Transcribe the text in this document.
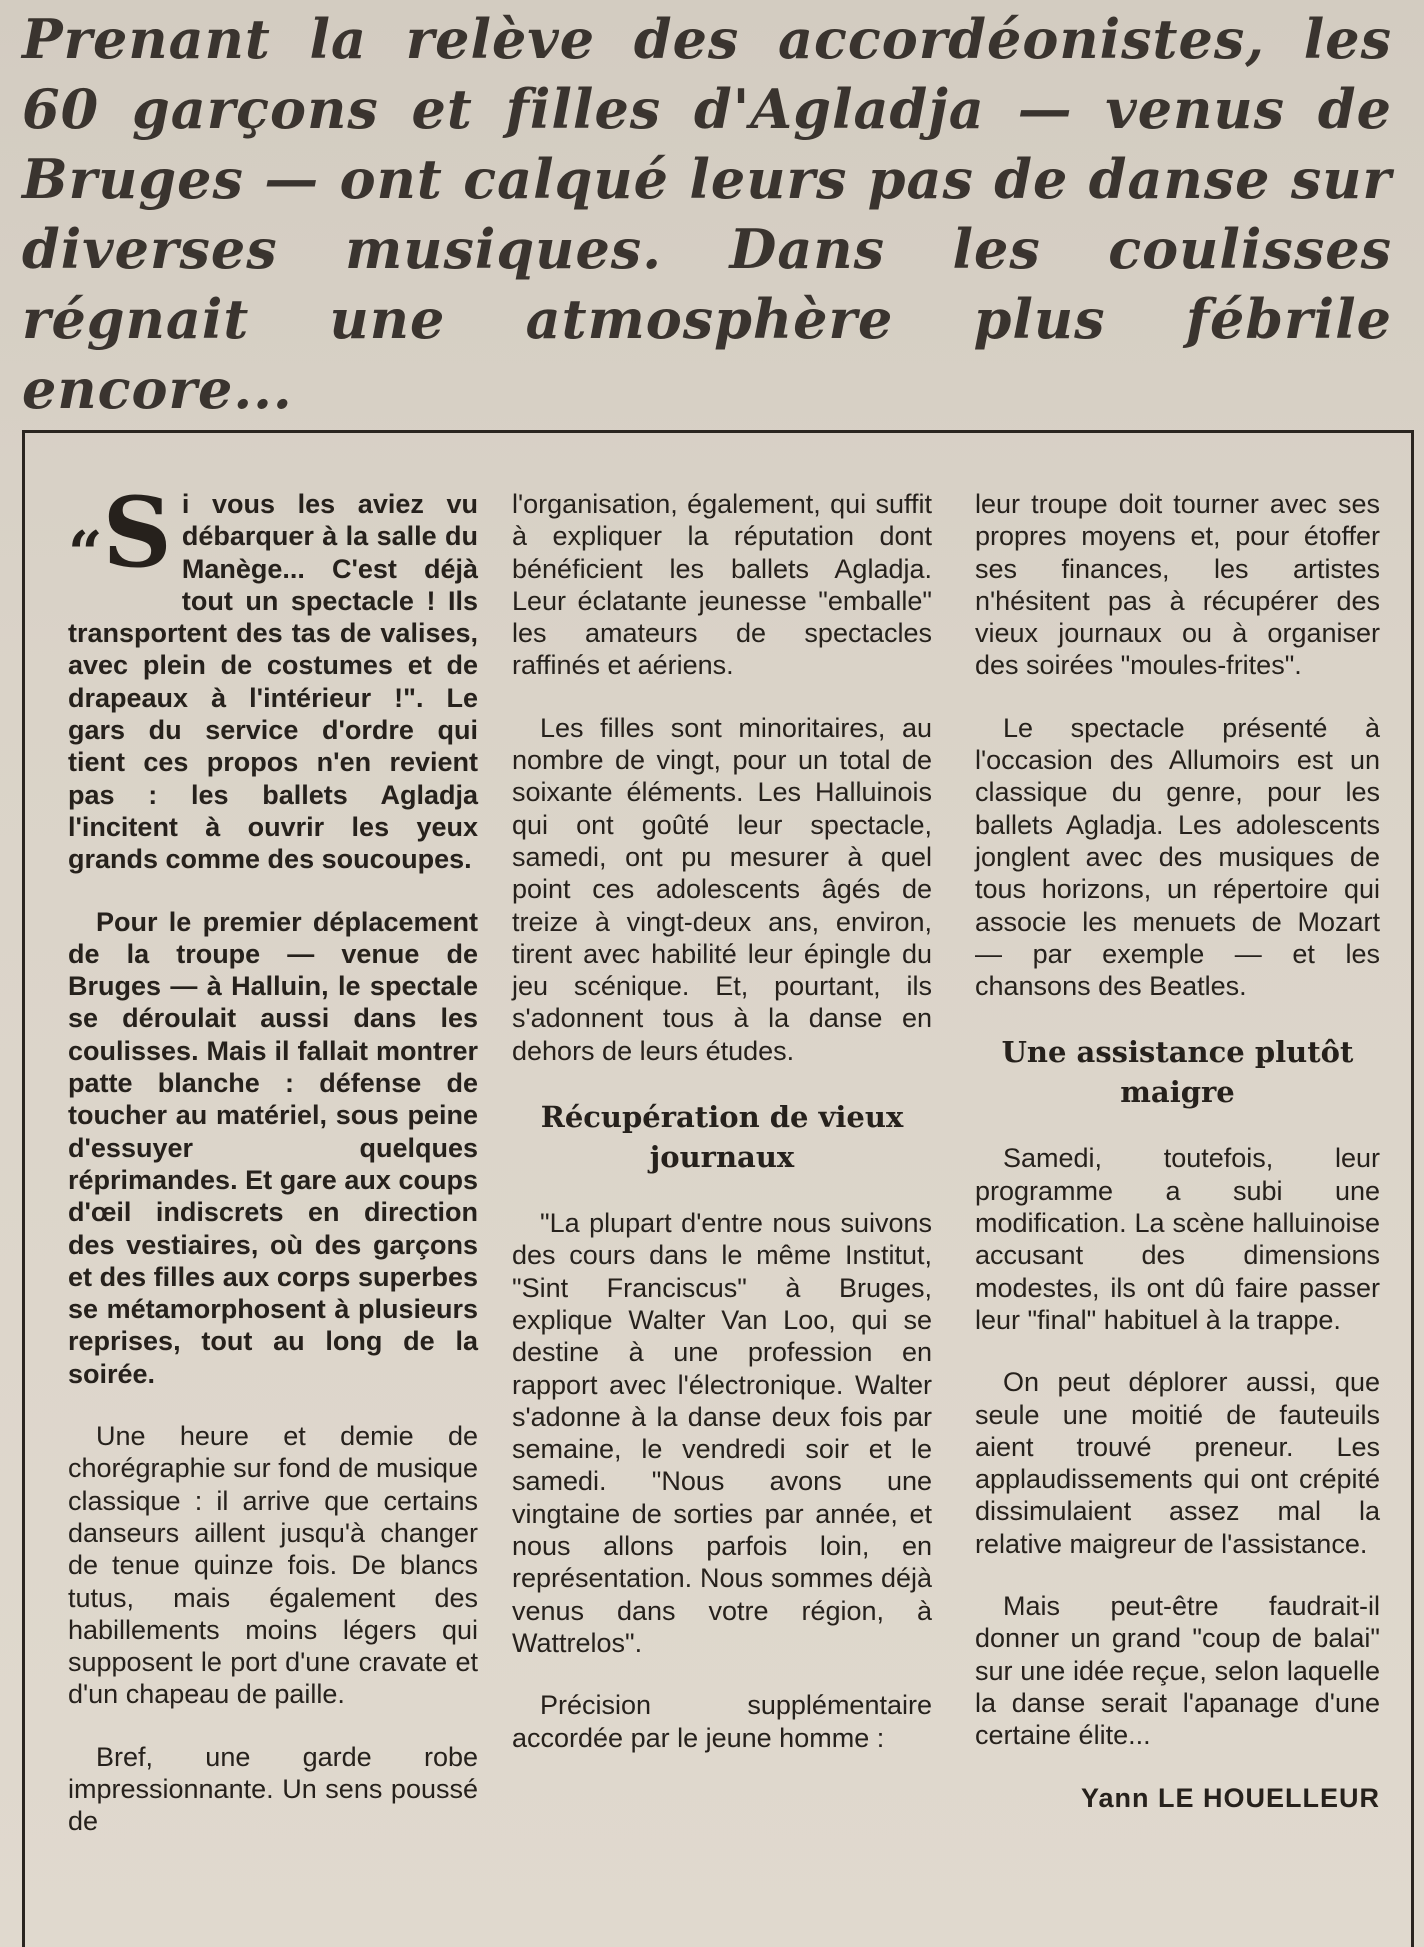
Prenant la relève des accordéonistes, les 60 garçons et filles d'Agladja — venus de Bruges — ont calqué leurs pas de danse sur diverses musiques. Dans les coulisses régnait une atmosphère plus fébrile encore...

“S i vous les aviez vu débarquer à la salle du Manège... C'est déjà tout un spectacle ! Ils transportent des tas de valises, avec plein de costumes et de drapeaux à l'intérieur !". Le gars du service d'ordre qui tient ces propos n'en revient pas : les ballets Agladja l'incitent à ouvrir les yeux grands comme des soucoupes.

Pour le premier déplacement de la troupe — venue de Bruges — à Halluin, le spectale se déroulait aussi dans les coulisses. Mais il fallait montrer patte blanche : défense de toucher au matériel, sous peine d'essuyer quelques réprimandes. Et gare aux coups d'œil indiscrets en direction des vestiaires, où des garçons et des filles aux corps superbes se métamorphosent à plusieurs reprises, tout au long de la soirée.

Une heure et demie de chorégraphie sur fond de musique classique : il arrive que certains danseurs aillent jusqu'à changer de tenue quinze fois. De blancs tutus, mais également des habillements moins légers qui supposent le port d'une cravate et d'un chapeau de paille.

Bref, une garde robe impressionnante. Un sens poussé de

l'organisation, également, qui suffit à expliquer la réputation dont bénéficient les ballets Agladja. Leur éclatante jeunesse "emballe" les amateurs de spectacles raffinés et aériens.

Les filles sont minoritaires, au nombre de vingt, pour un total de soixante éléments. Les Halluinois qui ont goûté leur spectacle, samedi, ont pu mesurer à quel point ces adolescents âgés de treize à vingt-deux ans, environ, tirent avec habilité leur épingle du jeu scénique. Et, pourtant, ils s'adonnent tous à la danse en dehors de leurs études.

Récupération de vieux journaux

"La plupart d'entre nous suivons des cours dans le même Institut, "Sint Franciscus" à Bruges, explique Walter Van Loo, qui se destine à une profession en rapport avec l'électronique. Walter s'adonne à la danse deux fois par semaine, le vendredi soir et le samedi. "Nous avons une vingtaine de sorties par année, et nous allons parfois loin, en représentation. Nous sommes déjà venus dans votre région, à Wattrelos".

Précision supplémentaire accordée par le jeune homme :

leur troupe doit tourner avec ses propres moyens et, pour étoffer ses finances, les artistes n'hésitent pas à récupérer des vieux journaux ou à organiser des soirées "moules-frites".

Le spectacle présenté à l'occasion des Allumoirs est un classique du genre, pour les ballets Agladja. Les adolescents jonglent avec des musiques de tous horizons, un répertoire qui associe les menuets de Mozart — par exemple — et les chansons des Beatles.

Une assistance plutôt maigre

Samedi, toutefois, leur programme a subi une modification. La scène halluinoise accusant des dimensions modestes, ils ont dû faire passer leur "final" habituel à la trappe.

On peut déplorer aussi, que seule une moitié de fauteuils aient trouvé preneur. Les applaudissements qui ont crépité dissimulaient assez mal la relative maigreur de l'assistance.

Mais peut-être faudrait-il donner un grand "coup de balai" sur une idée reçue, selon laquelle la danse serait l'apanage d'une certaine élite...

Yann LE HOUELLEUR
